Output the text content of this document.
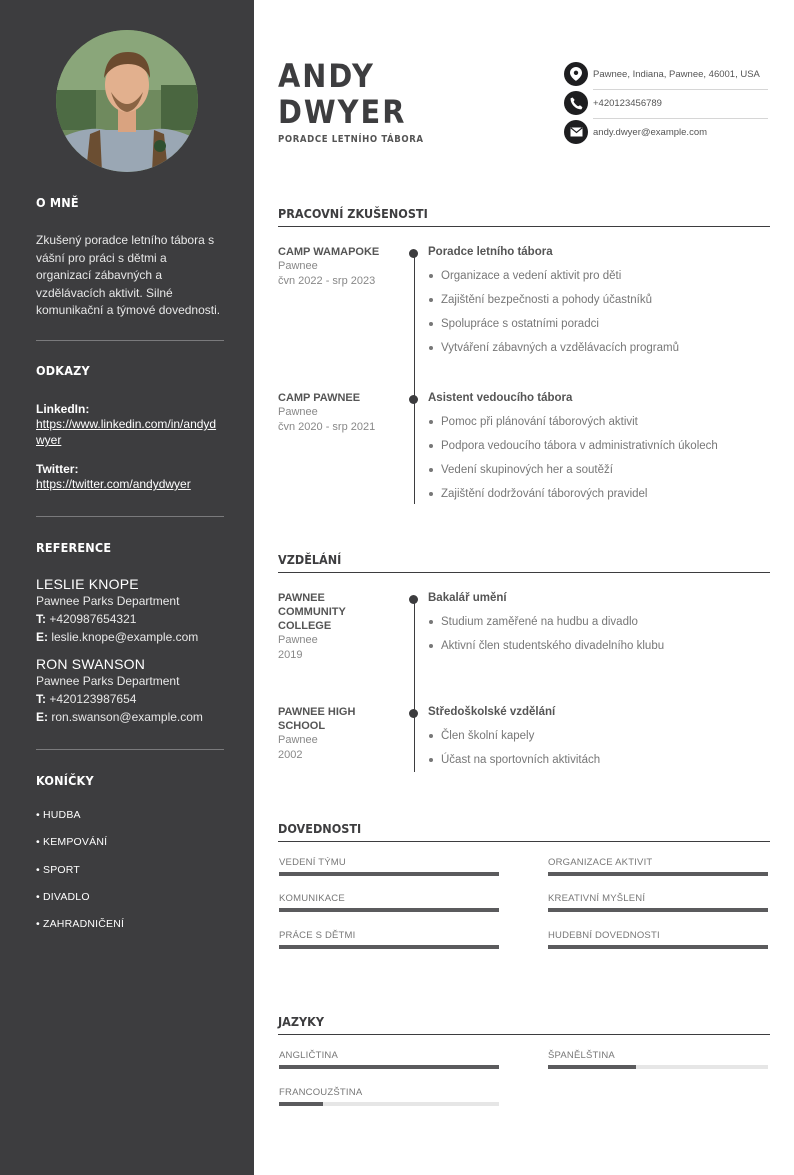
O MNĚ
Zkušený poradce letního tábora s vášní pro práci s dětmi a organizací zábavných a vzdělávacích aktivit. Silné komunikační a týmové dovednosti.
ODKAZY
LinkedIn:
https://www.linkedin.com/in/andydwyer
Twitter:
https://twitter.com/andydwyer
REFERENCE
LESLIE KNOPE
Pawnee Parks Department
T: +420987654321
E: leslie.knope@example.com
RON SWANSON
Pawnee Parks Department
T: +420123987654
E: ron.swanson@example.com
KONÍČKY
• HUDBA
• KEMPOVÁNÍ
• SPORT
• DIVADLO
• ZAHRADNIČENÍ
ANDY
DWYER
PORADCE LETNÍHO TÁBORA
Pawnee, Indiana, Pawnee, 46001, USA
+420123456789
andy.dwyer@example.com
PRACOVNÍ ZKUŠENOSTI
CAMP WAMAPOKE
Pawnee
čvn 2022 - srp 2023
Poradce letního tábora
Organizace a vedení aktivit pro děti
Zajištění bezpečnosti a pohody účastníků
Spolupráce s ostatními poradci
Vytváření zábavných a vzdělávacích programů
CAMP PAWNEE
Pawnee
čvn 2020 - srp 2021
Asistent vedoucího tábora
Pomoc při plánování táborových aktivit
Podpora vedoucího tábora v administrativních úkolech
Vedení skupinových her a soutěží
Zajištění dodržování táborových pravidel
VZDĚLÁNÍ
PAWNEE
COMMUNITY
COLLEGE
Pawnee
2019
Bakalář umění
Studium zaměřené na hudbu a divadlo
Aktivní člen studentského divadelního klubu
PAWNEE HIGH
SCHOOL
Pawnee
2002
Středoškolské vzdělání
Člen školní kapely
Účast na sportovních aktivitách
DOVEDNOSTI
VEDENÍ TÝMU	ORGANIZACE AKTIVIT
KOMUNIKACE	KREATIVNÍ MYŠLENÍ
PRÁCE S DĚTMI	HUDEBNÍ DOVEDNOSTI
JAZYKY
ANGLIČTINA	ŠPANĚLŠTINA
FRANCOUZŠTINA
